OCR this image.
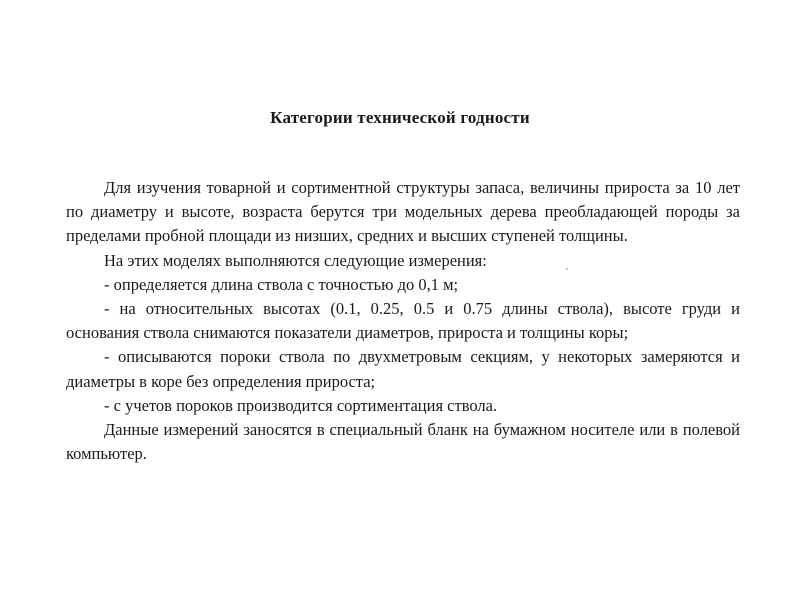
Категории технической годности

Для изучения товарной и сортиментной структуры запаса, величины прироста за 10 лет по диаметру и высоте, возраста берутся три модельных дерева преобладающей породы за пределами пробной площади из низших, средних и высших ступеней толщины.

На этих моделях выполняются следующие измерения:

- определяется длина ствола с точностью до 0,1 м;

- на относительных высотах (0.1, 0.25, 0.5 и 0.75 длины ствола), высоте груди и основания ствола снимаются показатели диаметров, прироста и толщины коры;

- описываются пороки ствола по двухметровым секциям, у некоторых замеряются и диаметры в коре без определения прироста;

- с учетов пороков производится сортиментация ствола.

Данные измерений заносятся в специальный бланк на бумажном носителе или в полевой компьютер.
